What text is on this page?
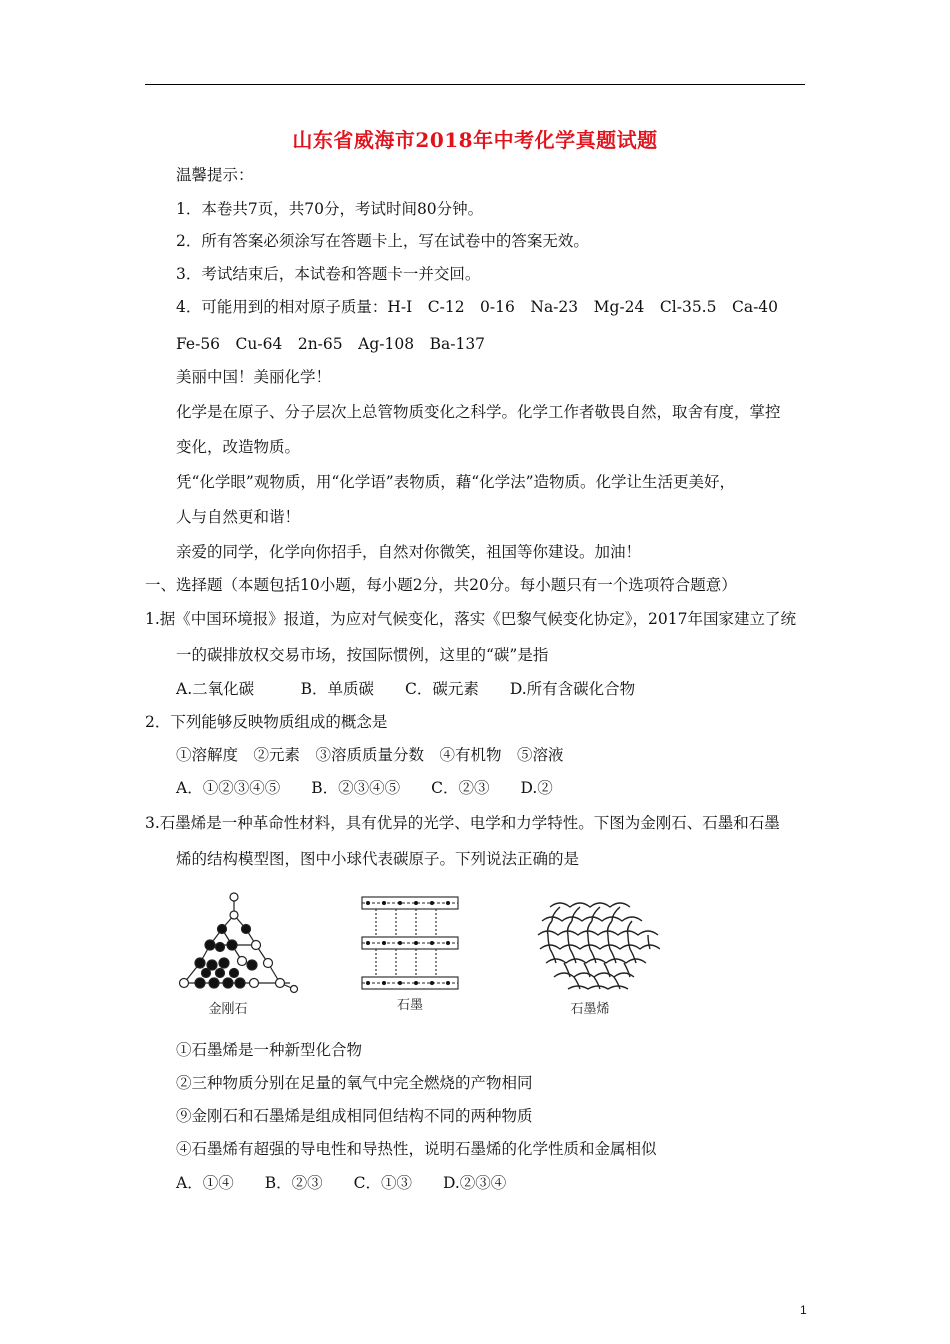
山东省威海市2018年中考化学真题试题
温馨提示：
1．本卷共7页，共70分，考试时间80分钟。
2．所有答案必须涂写在答题卡上，写在试卷中的答案无效。
3．考试结束后，本试卷和答题卡一并交回。
4．可能用到的相对原子质量：H-I　C-12　0-16　Na-23　Mg-24　Cl-35.5　Ca-40
Fe-56　Cu-64　2n-65　Ag-108　Ba-137
美丽中国！美丽化学！
化学是在原子、分子层次上总管物质变化之科学。化学工作者敬畏自然，取舍有度，掌控
变化，改造物质。
凭“化学眼”观物质，用“化学语”表物质，藉“化学法”造物质。化学让生活更美好，
人与自然更和谐！
亲爱的同学，化学向你招手，自然对你微笑，祖国等你建设。加油！
一、选择题（本题包括10小题，每小题2分，共20分。每小题只有一个选项符合题意）
1.据《中国环境报》报道，为应对气候变化，落实《巴黎气候变化协定》，2017年国家建立了统
一的碳排放权交易市场，按国际惯例，这里的“碳”是指
A.二氧化碳　　　B．单质碳　　C．碳元素　　D.所有含碳化合物
2．下列能够反映物质组成的概念是
①溶解度　②元素　③溶质质量分数　④有机物　⑤溶液
A．①②③④⑤　　B．②③④⑤　　C．②③　　D.②
3.石墨烯是一种革命性材料，具有优异的光学、电学和力学特性。下图为金刚石、石墨和石墨
烯的结构模型图，图中小球代表碳原子。下列说法正确的是
金刚石	石墨	石墨烯
①石墨烯是一种新型化合物
②三种物质分别在足量的氧气中完全燃烧的产物相同
⑨金刚石和石墨烯是组成相同但结构不同的两种物质
④石墨烯有超强的导电性和导热性，说明石墨烯的化学性质和金属相似
A．①④　　B．②③　　C．①③　　D.②③④
1
